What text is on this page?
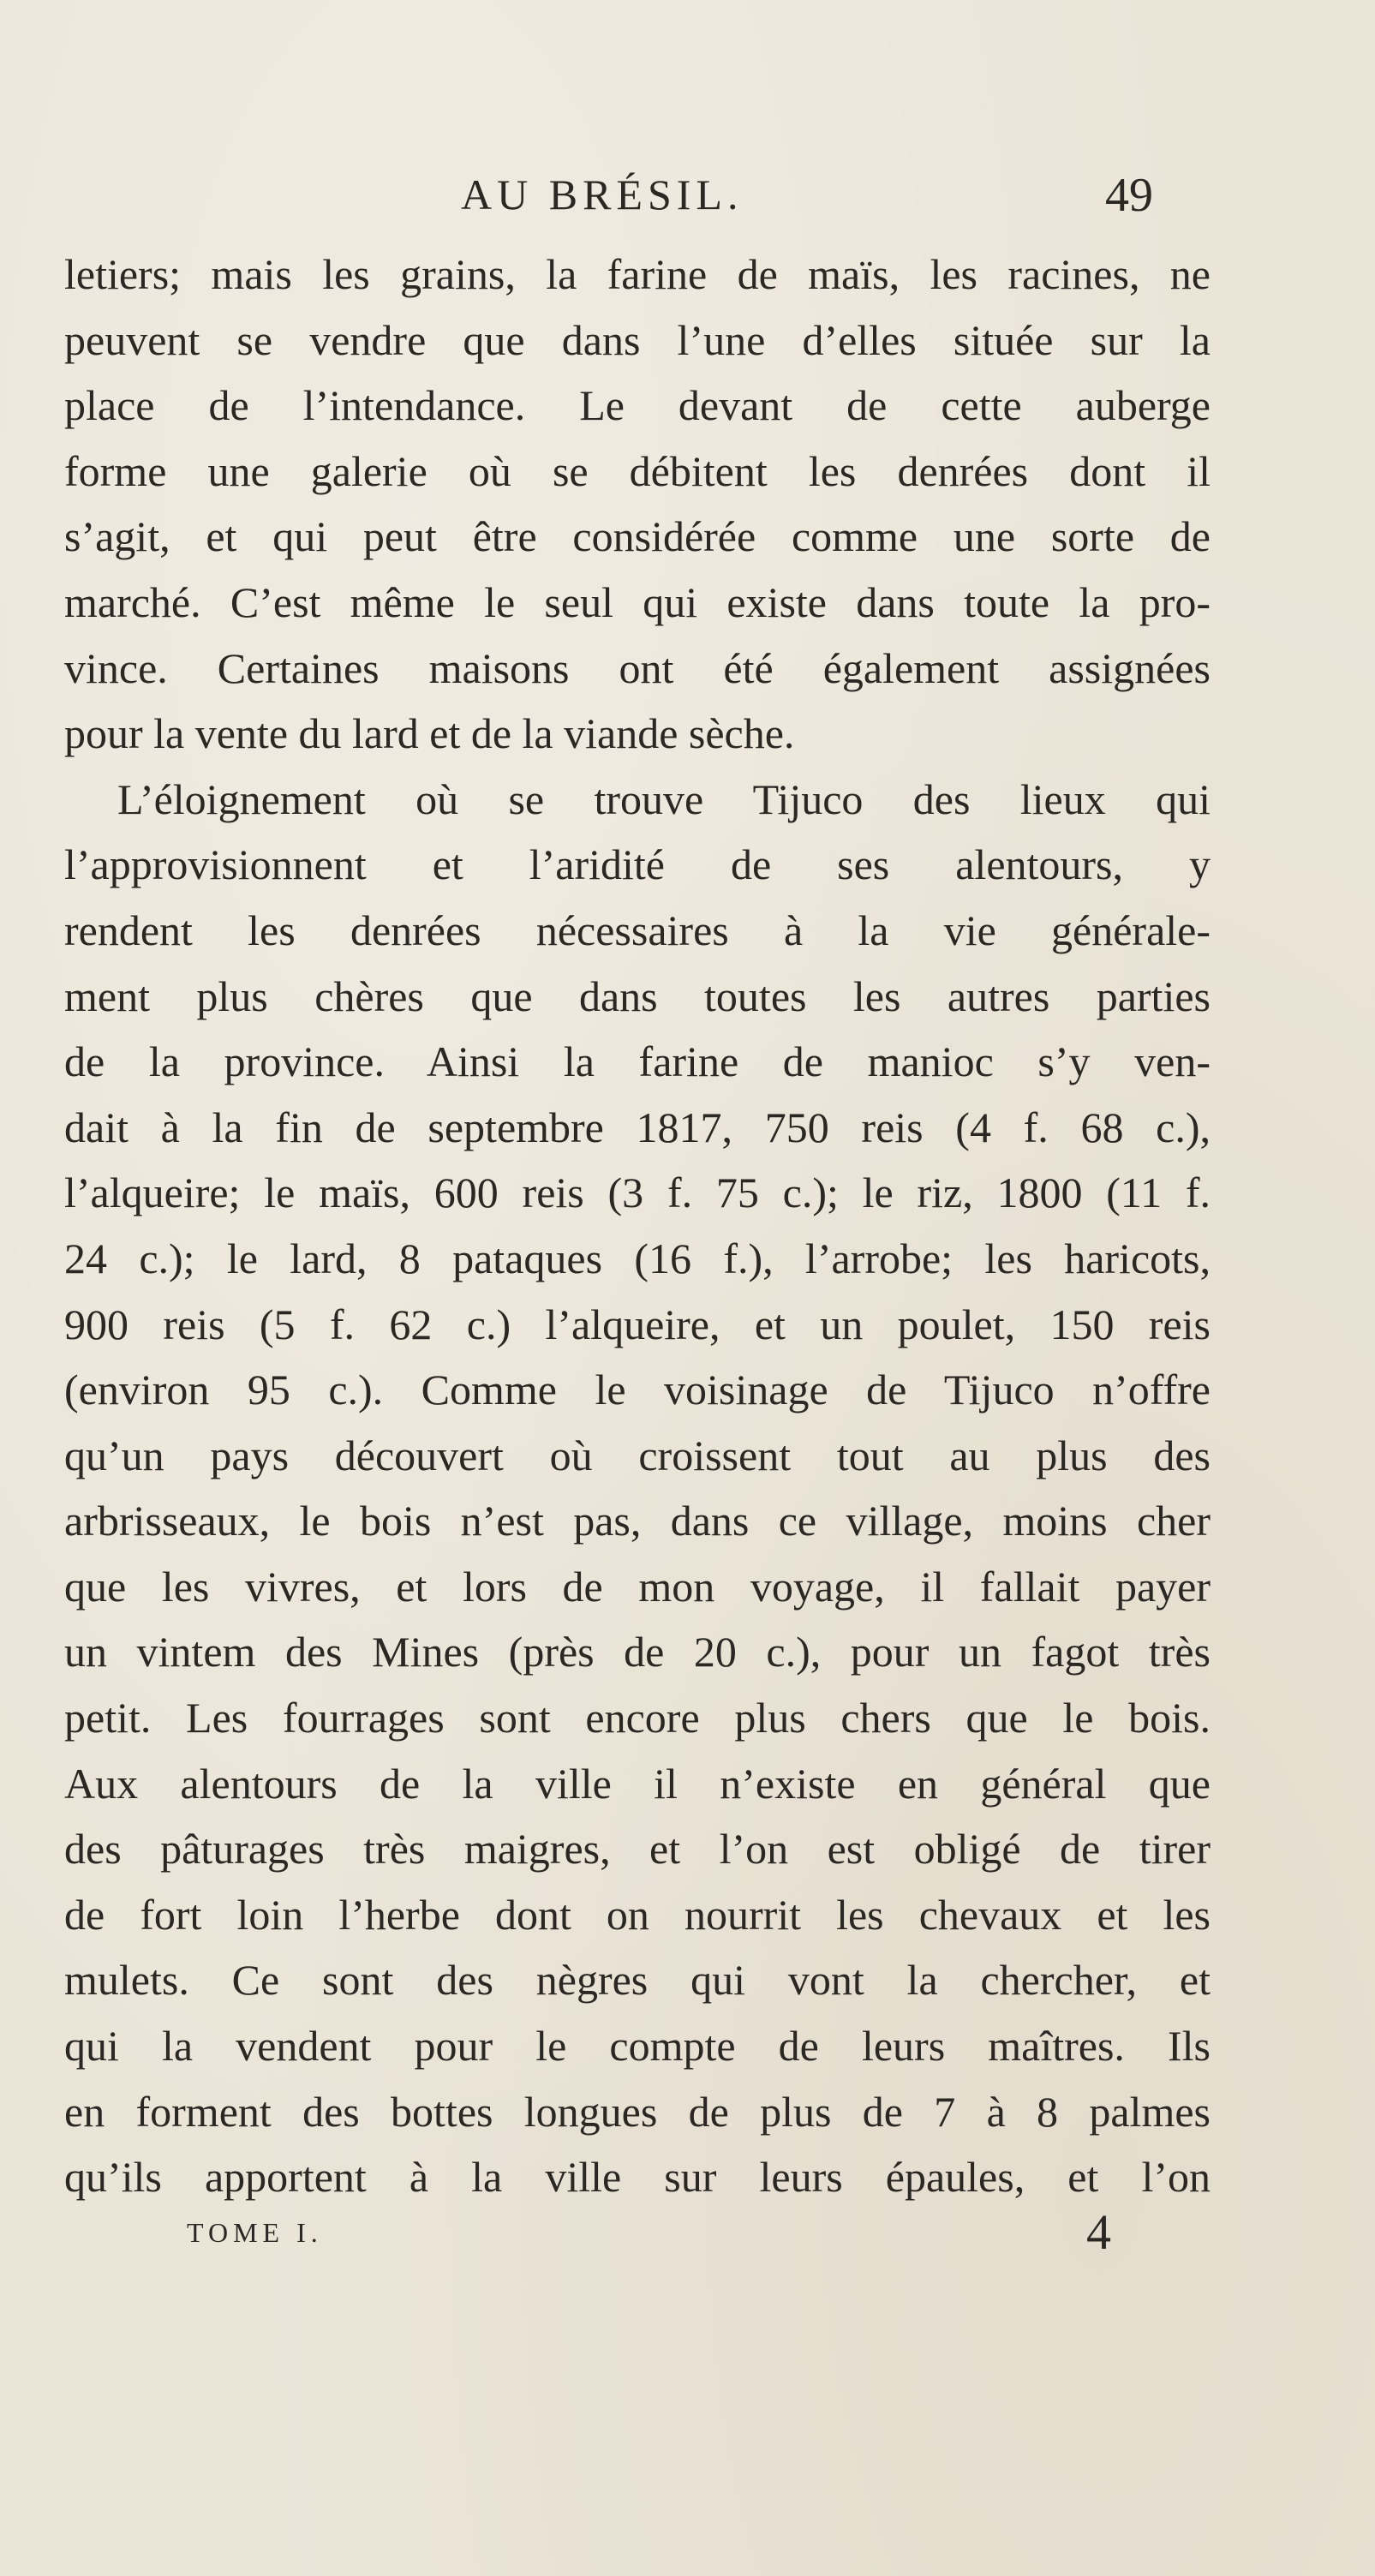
AU BRÉSIL.	49
letiers; mais les grains, la farine de maïs, les racines, ne
peuvent se vendre que dans l’une d’elles située sur la
place de l’intendance. Le devant de cette auberge
forme une galerie où se débitent les denrées dont il
s’agit, et qui peut être considérée comme une sorte de
marché. C’est même le seul qui existe dans toute la pro-
vince. Certaines maisons ont été également assignées
pour la vente du lard et de la viande sèche.
L’éloignement où se trouve Tijuco des lieux qui
l’approvisionnent et l’aridité de ses alentours, y
rendent les denrées nécessaires à la vie générale-
ment plus chères que dans toutes les autres parties
de la province. Ainsi la farine de manioc s’y ven-
dait à la fin de septembre 1817, 750 reis (4 f. 68 c.),
l’alqueire; le maïs, 600 reis (3 f. 75 c.); le riz, 1800 (11 f.
24 c.); le lard, 8 pataques (16 f.), l’arrobe; les haricots,
900 reis (5 f. 62 c.) l’alqueire, et un poulet, 150 reis
(environ 95 c.). Comme le voisinage de Tijuco n’offre
qu’un pays découvert où croissent tout au plus des
arbrisseaux, le bois n’est pas, dans ce village, moins cher
que les vivres, et lors de mon voyage, il fallait payer
un vintem des Mines (près de 20 c.), pour un fagot très
petit. Les fourrages sont encore plus chers que le bois.
Aux alentours de la ville il n’existe en général que
des pâturages très maigres, et l’on est obligé de tirer
de fort loin l’herbe dont on nourrit les chevaux et les
mulets. Ce sont des nègres qui vont la chercher, et
qui la vendent pour le compte de leurs maîtres. Ils
en forment des bottes longues de plus de 7 à 8 palmes
qu’ils apportent à la ville sur leurs épaules, et l’on
TOME I.	4
